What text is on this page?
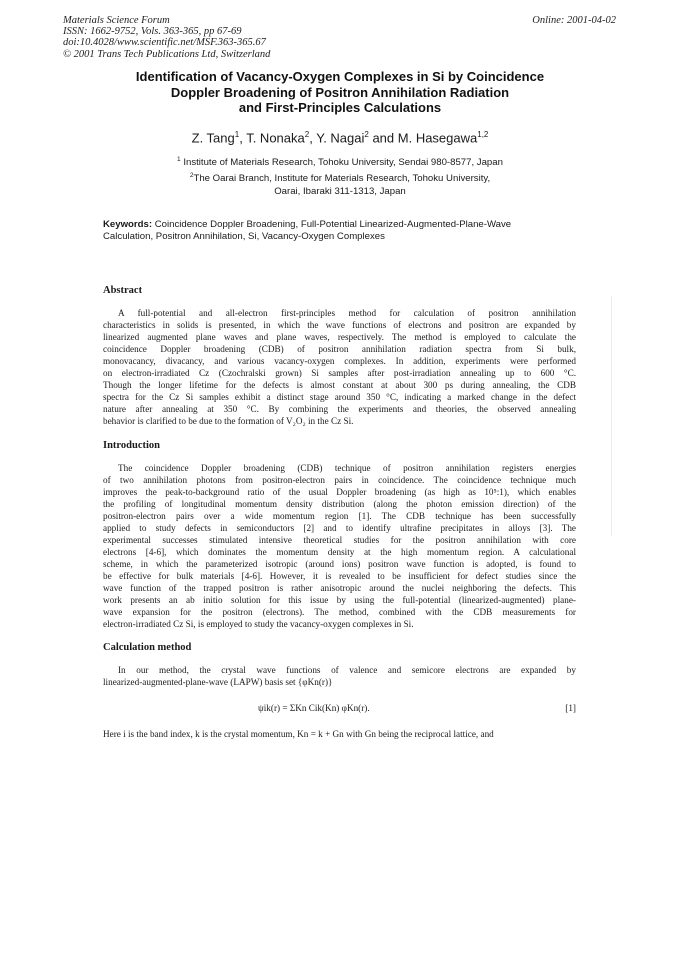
Materials Science Forum
ISSN: 1662-9752, Vols. 363-365, pp 67-69
doi:10.4028/www.scientific.net/MSF.363-365.67
© 2001 Trans Tech Publications Ltd, Switzerland
Online: 2001-04-02
Identification of Vacancy-Oxygen Complexes in Si by Coincidence
Doppler Broadening of Positron Annihilation Radiation
and First-Principles Calculations
Z. Tang$^1$, T. Nonaka$^2$, Y. Nagai$^2$ and M. Hasegawa$^{1,2}$
$^1$ Institute of Materials Research, Tohoku University, Sendai 980-8577, Japan
$^2$The Oarai Branch, Institute for Materials Research, Tohoku University,
Oarai, Ibaraki 311-1313, Japan
Keywords: Coincidence Doppler Broadening, Full-Potential Linearized-Augmented-Plane-Wave
Calculation, Positron Annihilation, Si, Vacancy-Oxygen Complexes
Abstract
A full-potential and all-electron first-principles method for calculation of positron annihilation
characteristics in solids is presented, in which the wave functions of electrons and positron are expanded by
linearized augmented plane waves and plane waves, respectively. The method is employed to calculate the
coincidence Doppler broadening (CDB) of positron annihilation radiation spectra from Si bulk,
monovacancy, divacancy, and various vacancy-oxygen complexes. In addition, experiments were performed
on electron-irradiated Cz (Czochralski grown) Si samples after post-irradiation annealing up to 600 °C.
Though the longer lifetime for the defects is almost constant at about 300 ps during annealing, the CDB
spectra for the Cz Si samples exhibit a distinct stage around 350 °C, indicating a marked change in the defect
nature after annealing at 350 °C. By combining the experiments and theories, the observed annealing
behavior is clarified to be due to the formation of V₂O₂ in the Cz Si.
Introduction
The coincidence Doppler broadening (CDB) technique of positron annihilation registers energies
of two annihilation photons from positron-electron pairs in coincidence. The coincidence technique much
improves the peak-to-background ratio of the usual Doppler broadening (as high as 10⁵:1), which enables
the profiling of longitudinal momentum density distribution (along the photon emission direction) of the
positron-electron pairs over a wide momentum region [1]. The CDB technique has been successfully
applied to study defects in semiconductors [2] and to identify ultrafine precipitates in alloys [3]. The
experimental successes stimulated intensive theoretical studies for the positron annihilation with core
electrons [4-6], which dominates the momentum density at the high momentum region. A calculational
scheme, in which the parameterized isotropic (around ions) positron wave function is adopted, is found to
be effective for bulk materials [4-6]. However, it is revealed to be insufficient for defect studies since the
wave function of the trapped positron is rather anisotropic around the nuclei neighboring the defects. This
work presents an ab initio solution for this issue by using the full-potential (linearized-augmented) plane-
wave expansion for the positron (electrons). The method, combined with the CDB measurements for
electron-irradiated Cz Si, is employed to study the vacancy-oxygen complexes in Si.
Calculation method
In our method, the crystal wave functions of valence and semicore electrons are expanded by
linearized-augmented-plane-wave (LAPW) basis set {φKn(r)}
ψik(r) = ΣKn Cik(Kn) φKn(r).	[1]
Here i is the band index, k is the crystal momentum, Kn = k + Gn with Gn being the reciprocal lattice, and
